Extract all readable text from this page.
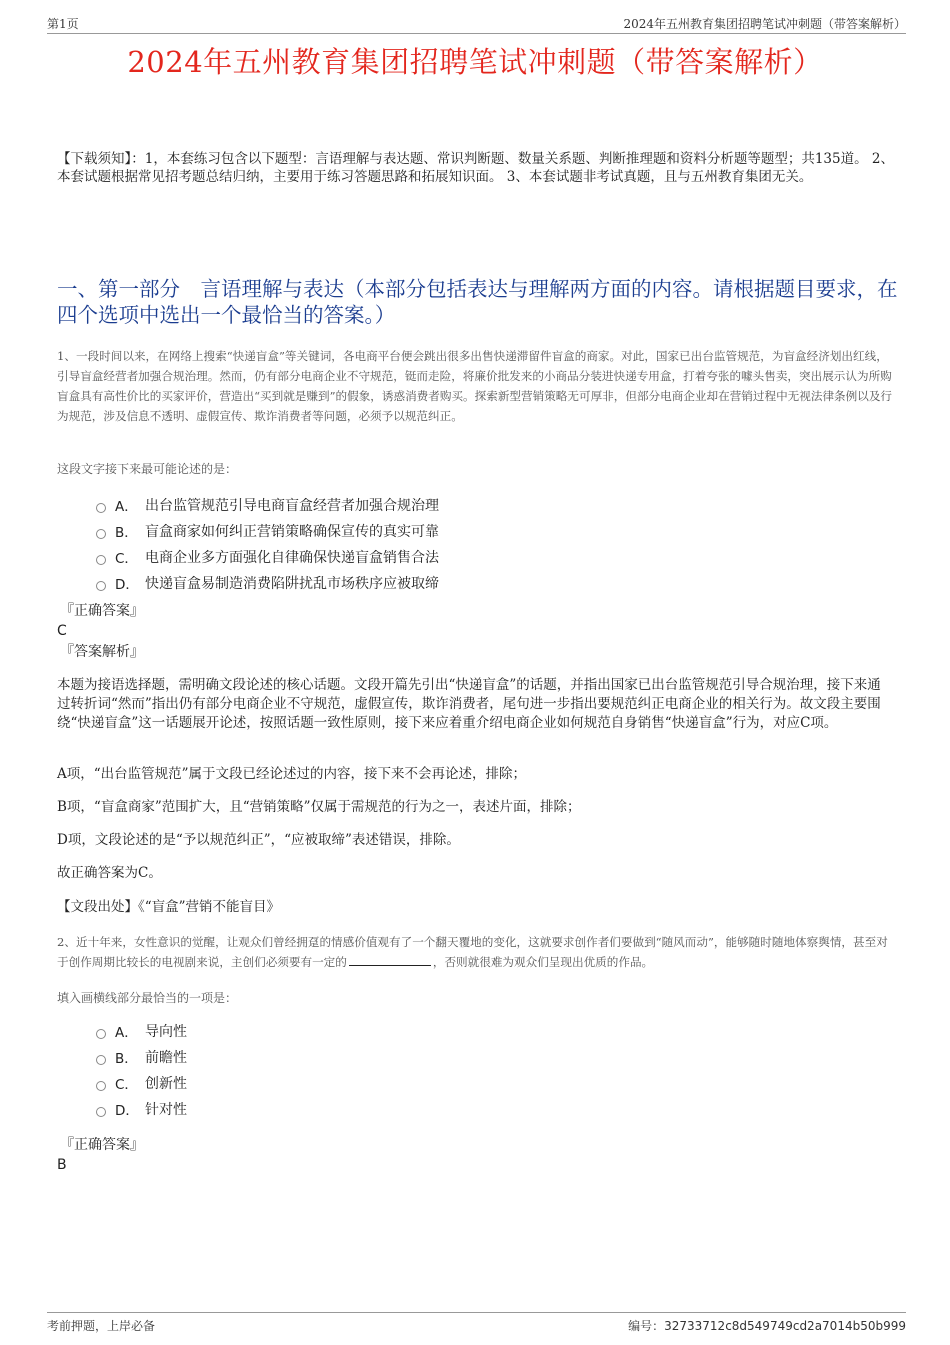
第1页	2024年五州教育集团招聘笔试冲刺题（带答案解析）
2024年五州教育集团招聘笔试冲刺题（带答案解析）
【下载须知】：1，本套练习包含以下题型：言语理解与表达题、常识判断题、数量关系题、判断推理题和资料分析题等题型；共135道。 2、本套试题根据常见招考题总结归纳，主要用于练习答题思路和拓展知识面。 3、本套试题非考试真题，且与五州教育集团无关。
一、第一部分　言语理解与表达（本部分包括表达与理解两方面的内容。请根据题目要求，在四个选项中选出一个最恰当的答案。）
1、一段时间以来，在网络上搜索“快递盲盒”等关键词，各电商平台便会跳出很多出售快递滞留件盲盒的商家。对此，国家已出台监管规范，为盲盒经济划出红线，引导盲盒经营者加强合规治理。然而，仍有部分电商企业不守规范，铤而走险，将廉价批发来的小商品分装进快递专用盒，打着夸张的噱头售卖，突出展示认为所购盲盒具有高性价比的买家评价，营造出“买到就是赚到”的假象，诱惑消费者购买。探索新型营销策略无可厚非，但部分电商企业却在营销过程中无视法律条例以及行为规范，涉及信息不透明、虚假宣传、欺诈消费者等问题，必须予以规范纠正。
这段文字接下来最可能论述的是：
A． 出台监管规范引导电商盲盒经营者加强合规治理
B． 盲盒商家如何纠正营销策略确保宣传的真实可靠
C． 电商企业多方面强化自律确保快递盲盒销售合法
D． 快递盲盒易制造消费陷阱扰乱市场秩序应被取缔
『正确答案』
C
『答案解析』
本题为接语选择题，需明确文段论述的核心话题。文段开篇先引出“快递盲盒”的话题，并指出国家已出台监管规范引导合规治理，接下来通过转折词“然而”指出仍有部分电商企业不守规范，虚假宣传，欺诈消费者，尾句进一步指出要规范纠正电商企业的相关行为。故文段主要围绕“快递盲盒”这一话题展开论述，按照话题一致性原则，接下来应着重介绍电商企业如何规范自身销售“快递盲盒”行为，对应C项。
A项，“出台监管规范”属于文段已经论述过的内容，接下来不会再论述，排除；
B项，“盲盒商家”范围扩大，且“营销策略”仅属于需规范的行为之一，表述片面，排除；
D项，文段论述的是“予以规范纠正”，“应被取缔”表述错误，排除。
故正确答案为C。
【文段出处】《“盲盒”营销不能盲目》
2、近十年来，女性意识的觉醒，让观众们曾经拥趸的情感价值观有了一个翻天覆地的变化，这就要求创作者们要做到“随风而动”，能够随时随地体察舆情，甚至对于创作周期比较长的电视剧来说，主创们必须要有一定的	，否则就很难为观众们呈现出优质的作品。
填入画横线部分最恰当的一项是：
A． 导向性
B． 前瞻性
C． 创新性
D． 针对性
『正确答案』
B
考前押题，上岸必备	编号：32733712c8d549749cd2a7014b50b999
